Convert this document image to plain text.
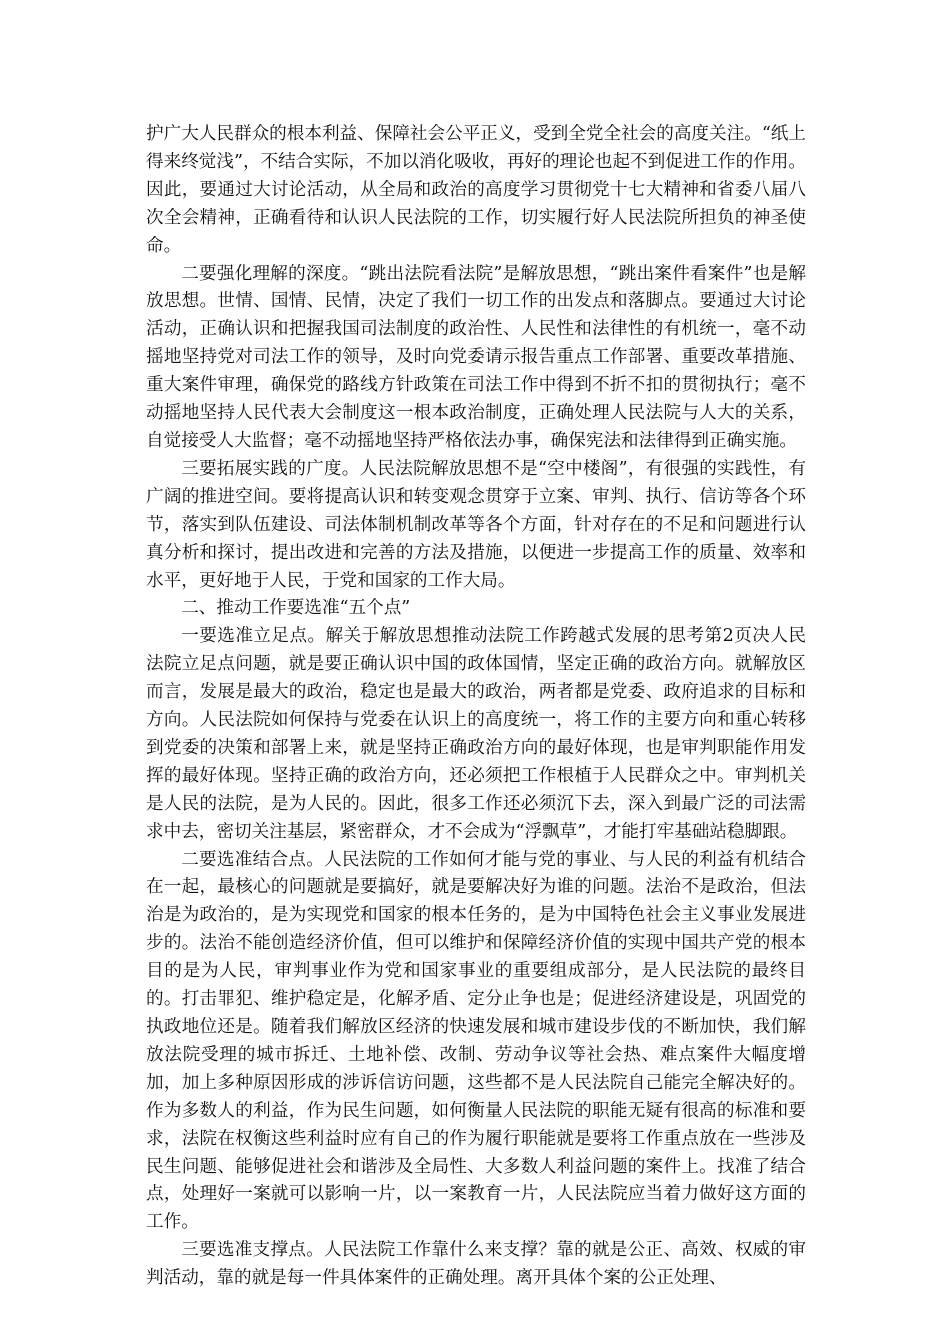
护广大人民群众的根本利益、保障社会公平正义，受到全党全社会的高度关注。“纸上得来终觉浅”，不结合实际，不加以消化吸收，再好的理论也起不到促进工作的作用。因此，要通过大讨论活动，从全局和政治的高度学习贯彻党十七大精神和省委八届八次全会精神，正确看待和认识人民法院的工作，切实履行好人民法院所担负的神圣使命。

二要强化理解的深度。“跳出法院看法院”是解放思想，“跳出案件看案件”也是解放思想。世情、国情、民情，决定了我们一切工作的出发点和落脚点。要通过大讨论活动，正确认识和把握我国司法制度的政治性、人民性和法律性的有机统一，毫不动摇地坚持党对司法工作的领导，及时向党委请示报告重点工作部署、重要改革措施、重大案件审理，确保党的路线方针政策在司法工作中得到不折不扣的贯彻执行；毫不动摇地坚持人民代表大会制度这一根本政治制度，正确处理人民法院与人大的关系，自觉接受人大监督；毫不动摇地坚持严格依法办事，确保宪法和法律得到正确实施。

三要拓展实践的广度。人民法院解放思想不是“空中楼阁”，有很强的实践性，有广阔的推进空间。要将提高认识和转变观念贯穿于立案、审判、执行、信访等各个环节，落实到队伍建设、司法体制机制改革等各个方面，针对存在的不足和问题进行认真分析和探讨，提出改进和完善的方法及措施，以便进一步提高工作的质量、效率和水平，更好地于人民，于党和国家的工作大局。

二、推动工作要选准“五个点”

一要选准立足点。解关于解放思想推动法院工作跨越式发展的思考第2页决人民法院立足点问题，就是要正确认识中国的政体国情，坚定正确的政治方向。就解放区而言，发展是最大的政治，稳定也是最大的政治，两者都是党委、政府追求的目标和方向。人民法院如何保持与党委在认识上的高度统一，将工作的主要方向和重心转移到党委的决策和部署上来，就是坚持正确政治方向的最好体现，也是审判职能作用发挥的最好体现。坚持正确的政治方向，还必须把工作根植于人民群众之中。审判机关是人民的法院，是为人民的。因此，很多工作还必须沉下去，深入到最广泛的司法需求中去，密切关注基层，紧密群众，才不会成为“浮飘草”，才能打牢基础站稳脚跟。

二要选准结合点。人民法院的工作如何才能与党的事业、与人民的利益有机结合在一起，最核心的问题就是要搞好，就是要解决好为谁的问题。法治不是政治，但法治是为政治的，是为实现党和国家的根本任务的，是为中国特色社会主义事业发展进步的。法治不能创造经济价值，但可以维护和保障经济价值的实现中国共产党的根本目的是为人民，审判事业作为党和国家事业的重要组成部分，是人民法院的最终目的。打击罪犯、维护稳定是，化解矛盾、定分止争也是；促进经济建设是，巩固党的执政地位还是。随着我们解放区经济的快速发展和城市建设步伐的不断加快，我们解放法院受理的城市拆迁、土地补偿、改制、劳动争议等社会热、难点案件大幅度增加，加上多种原因形成的涉诉信访问题，这些都不是人民法院自己能完全解决好的。作为多数人的利益，作为民生问题，如何衡量人民法院的职能无疑有很高的标准和要求，法院在权衡这些利益时应有自己的作为履行职能就是要将工作重点放在一些涉及民生问题、能够促进社会和谐涉及全局性、大多数人利益问题的案件上。找准了结合点，处理好一案就可以影响一片，以一案教育一片，人民法院应当着力做好这方面的工作。

三要选准支撑点。人民法院工作靠什么来支撑？靠的就是公正、高效、权威的审判活动，靠的就是每一件具体案件的正确处理。离开具体个案的公正处理、
